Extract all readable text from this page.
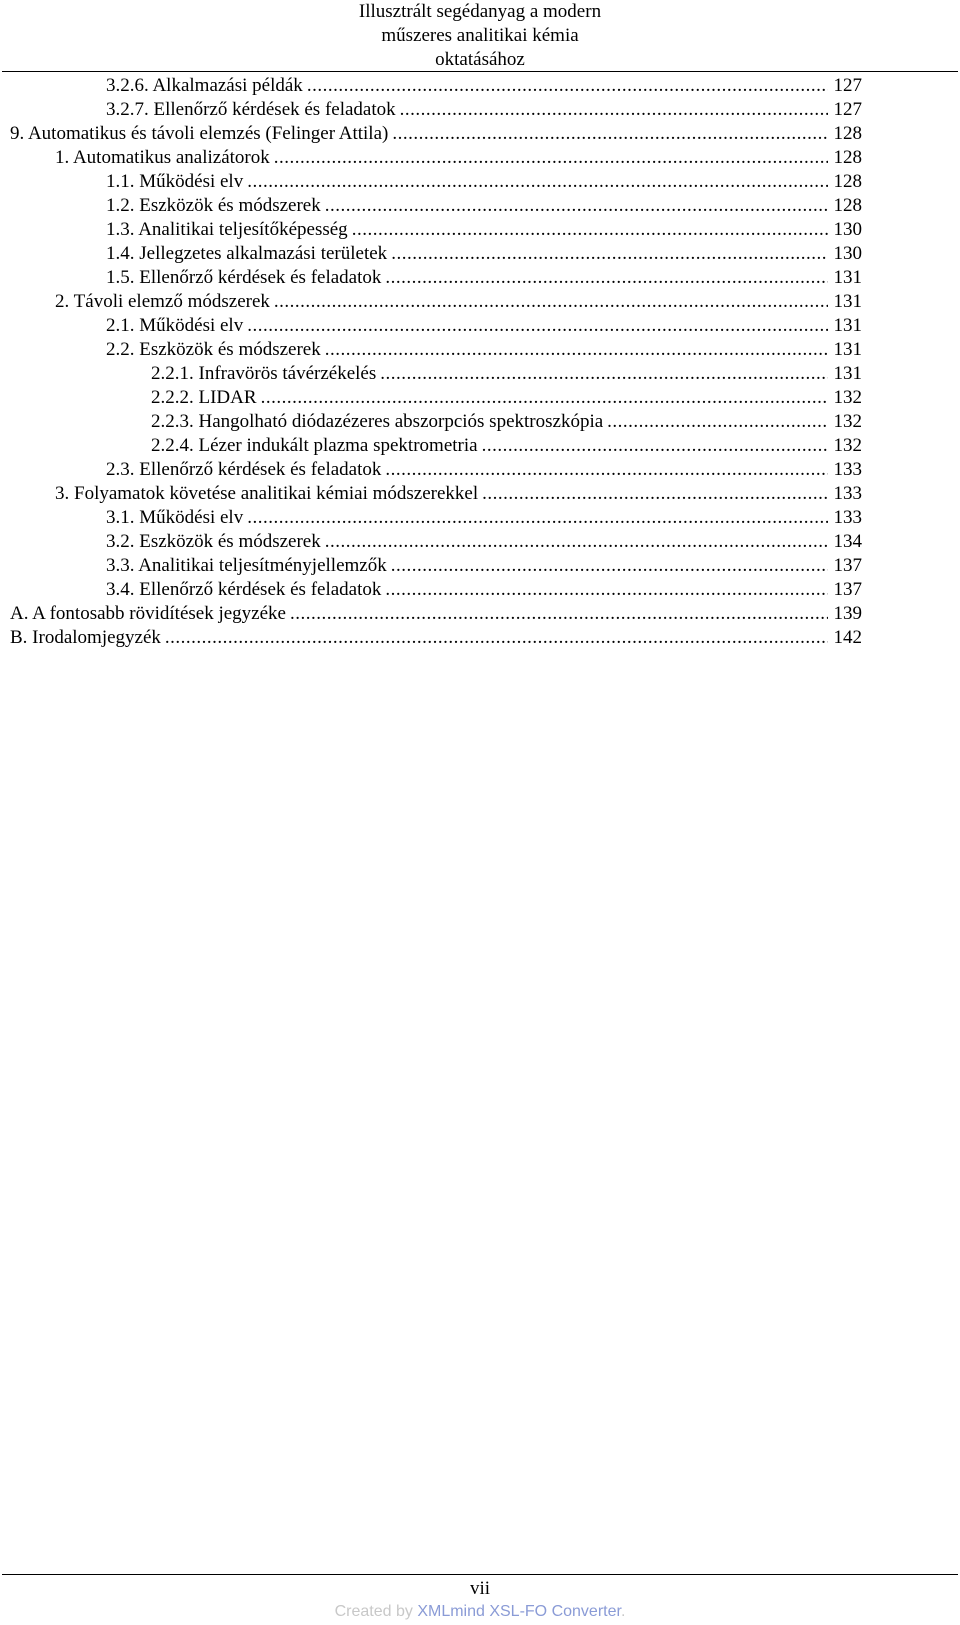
Illusztrált segédanyag a modern
műszeres analitikai kémia
oktatásához
3.2.6. Alkalmazási példák .....	127
3.2.7. Ellenőrző kérdések és feladatok .....	127
9. Automatikus és távoli elemzés (Felinger Attila) .....	128
1. Automatikus analizátorok .....	128
1.1. Működési elv .....	128
1.2. Eszközök és módszerek .....	128
1.3. Analitikai teljesítőképesség .....	130
1.4. Jellegzetes alkalmazási területek .....	130
1.5. Ellenőrző kérdések és feladatok .....	131
2. Távoli elemző módszerek .....	131
2.1. Működési elv .....	131
2.2. Eszközök és módszerek .....	131
2.2.1. Infravörös távérzékelés .....	131
2.2.2. LIDAR .....	132
2.2.3. Hangolható diódazézeres abszorpciós spektroszkópia .....	132
2.2.4. Lézer indukált plazma spektrometria .....	132
2.3. Ellenőrző kérdések és feladatok .....	133
3. Folyamatok követése analitikai kémiai módszerekkel .....	133
3.1. Működési elv .....	133
3.2. Eszközök és módszerek .....	134
3.3. Analitikai teljesítményjellemzők .....	137
3.4. Ellenőrző kérdések és feladatok .....	137
A. A fontosabb rövidítések jegyzéke .....	139
B. Irodalomjegyzék .....	142
vii
Created by XMLmind XSL-FO Converter.
